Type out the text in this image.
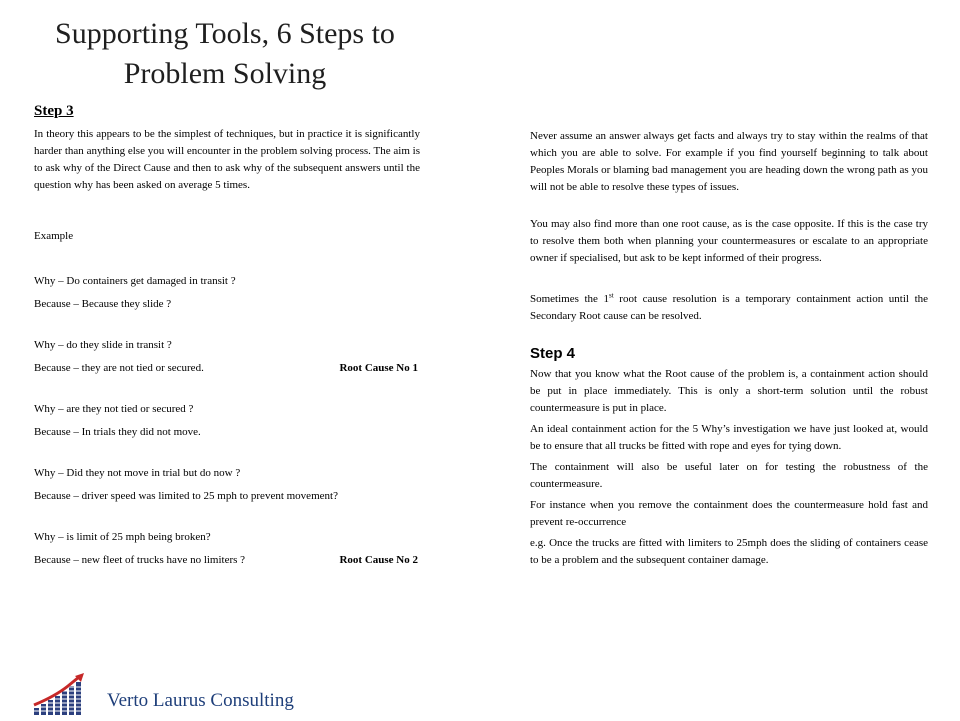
Supporting Tools, 6 Steps to
Problem Solving
Step 3

In theory this appears to be the simplest of techniques, but in practice it is significantly harder than anything else you will encounter in the problem solving process. The aim is to ask why of the Direct Cause and then to ask why of the subsequent answers until the question why has been asked on average 5 times.

Example

Why – Do containers get damaged in transit ?

Because – Because they slide ?

Why – do they slide in transit ?

Because – they are not tied or secured.	Root Cause No 1

Why – are they not tied or secured ?

Because – In trials they did not move.

Why – Did they not move in trial but do now ?

Because – driver speed was limited to 25 mph to prevent movement?

Why – is limit of 25 mph being broken?

Because – new fleet of trucks have no limiters ?	Root Cause No 2

Never assume an answer always get facts and always try to stay within the realms of that which you are able to solve. For example if you find yourself beginning to talk about Peoples Morals or blaming bad management you are heading down the wrong path as you will not be able to resolve these types of issues.

You may also find more than one root cause, as is the case opposite. If this is the case try to resolve them both when planning your countermeasures or escalate to an appropriate owner if specialised, but ask to be kept informed of their progress.

Sometimes the 1st root cause resolution is a temporary containment action until the Secondary Root cause can be resolved.

Step 4

Now that you know what the Root cause of the problem is, a containment action should be put in place immediately. This is only a short-term solution until the robust countermeasure is put in place.

An ideal containment action for the 5 Why’s investigation we have just looked at, would be to ensure that all trucks be fitted with rope and eyes for tying down.

The containment will also be useful later on for testing the robustness of the countermeasure.

For instance when you remove the containment does the countermeasure hold fast and prevent re-occurrence

e.g. Once the trucks are fitted with limiters to 25mph does the sliding of containers cease to be a problem and the subsequent container damage.

Verto Laurus Consulting
